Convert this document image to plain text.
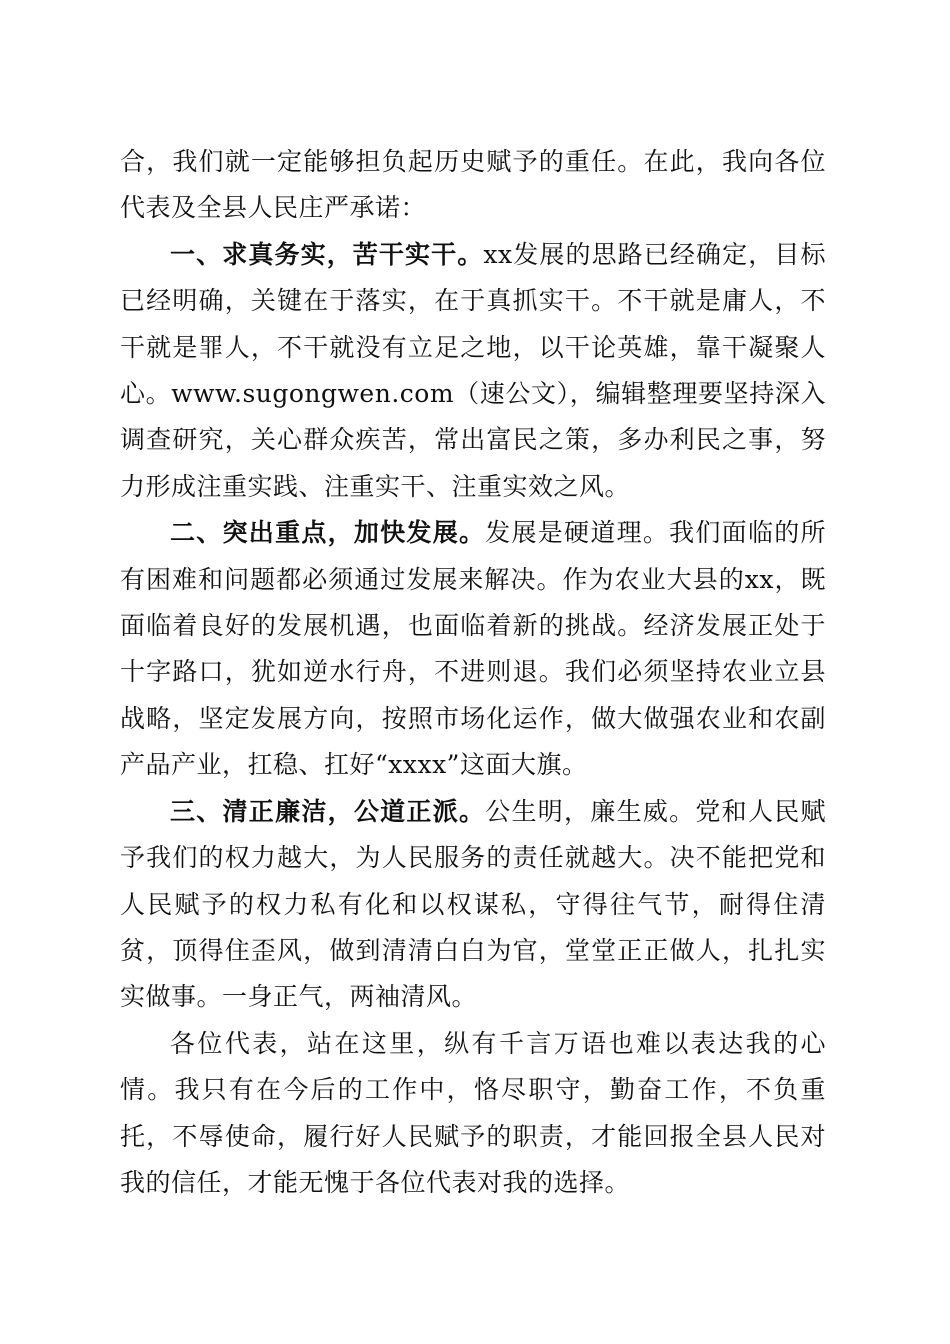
合，我们就一定能够担负起历史赋予的重任。在此，我向各位代表及全县人民庄严承诺：

一、求真务实，苦干实干。xx发展的思路已经确定，目标已经明确，关键在于落实，在于真抓实干。不干就是庸人，不干就是罪人，不干就没有立足之地，以干论英雄，靠干凝聚人心。www.sugongwen.com（速公文），编辑整理要坚持深入调查研究，关心群众疾苦，常出富民之策，多办利民之事，努力形成注重实践、注重实干、注重实效之风。

二、突出重点，加快发展。发展是硬道理。我们面临的所有困难和问题都必须通过发展来解决。作为农业大县的xx，既面临着良好的发展机遇，也面临着新的挑战。经济发展正处于十字路口，犹如逆水行舟，不进则退。我们必须坚持农业立县战略，坚定发展方向，按照市场化运作，做大做强农业和农副产品产业，扛稳、扛好“xxxx”这面大旗。

三、清正廉洁，公道正派。公生明，廉生威。党和人民赋予我们的权力越大，为人民服务的责任就越大。决不能把党和人民赋予的权力私有化和以权谋私，守得往气节，耐得住清贫，顶得住歪风，做到清清白白为官，堂堂正正做人，扎扎实实做事。一身正气，两袖清风。

各位代表，站在这里，纵有千言万语也难以表达我的心情。我只有在今后的工作中，恪尽职守，勤奋工作，不负重托，不辱使命，履行好人民赋予的职责，才能回报全县人民对我的信任，才能无愧于各位代表对我的选择。
